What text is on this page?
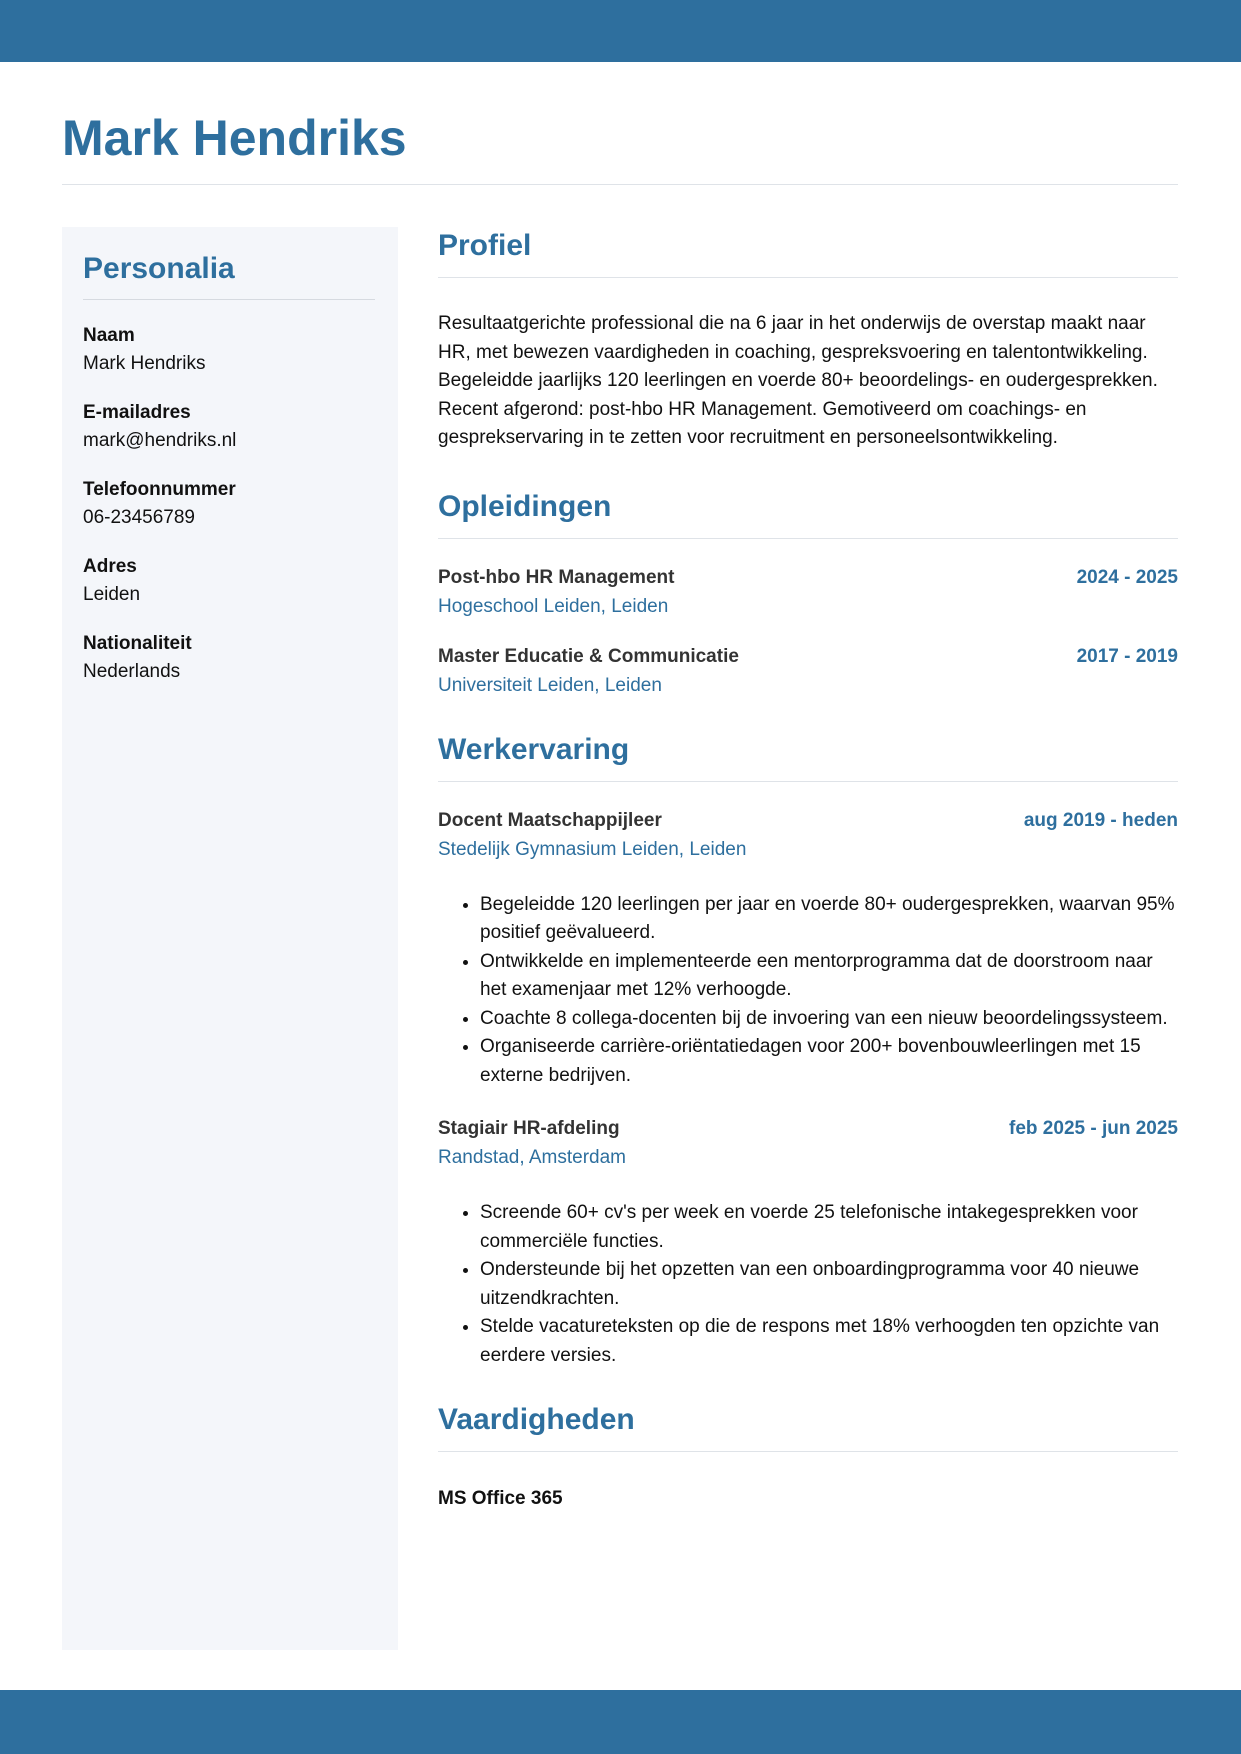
Mark Hendriks
Personalia
Naam
Mark Hendriks
E-mailadres
mark@hendriks.nl
Telefoonnummer
06-23456789
Adres
Leiden
Nationaliteit
Nederlands
Profiel

Resultaatgerichte professional die na 6 jaar in het onderwijs de overstap maakt naar HR, met bewezen vaardigheden in coaching, gespreksvoering en talentontwikkeling. Begeleidde jaarlijks 120 leerlingen en voerde 80+ beoordelings- en oudergesprekken. Recent afgerond: post-hbo HR Management. Gemotiveerd om coachings- en gesprekservaring in te zetten voor recruitment en personeelsontwikkeling.

Opleidingen
Post-hbo HR Management	2024 - 2025
Hogeschool Leiden, Leiden
Master Educatie & Communicatie	2017 - 2019
Universiteit Leiden, Leiden
Werkervaring
Docent Maatschappijleer	aug 2019 - heden
Stedelijk Gymnasium Leiden, Leiden
• Begeleidde 120 leerlingen per jaar en voerde 80+ oudergesprekken, waarvan 95% positief geëvalueerd.
• Ontwikkelde en implementeerde een mentorprogramma dat de doorstroom naar het examenjaar met 12% verhoogde.
• Coachte 8 collega-docenten bij de invoering van een nieuw beoordelingssysteem.
• Organiseerde carrière-oriëntatiedagen voor 200+ bovenbouwleerlingen met 15 externe bedrijven.
Stagiair HR-afdeling	feb 2025 - jun 2025
Randstad, Amsterdam
• Screende 60+ cv's per week en voerde 25 telefonische intakegesprekken voor commerciële functies.
• Ondersteunde bij het opzetten van een onboardingprogramma voor 40 nieuwe uitzendkrachten.
• Stelde vacatureteksten op die de respons met 18% verhoogden ten opzichte van eerdere versies.
Vaardigheden
MS Office 365
